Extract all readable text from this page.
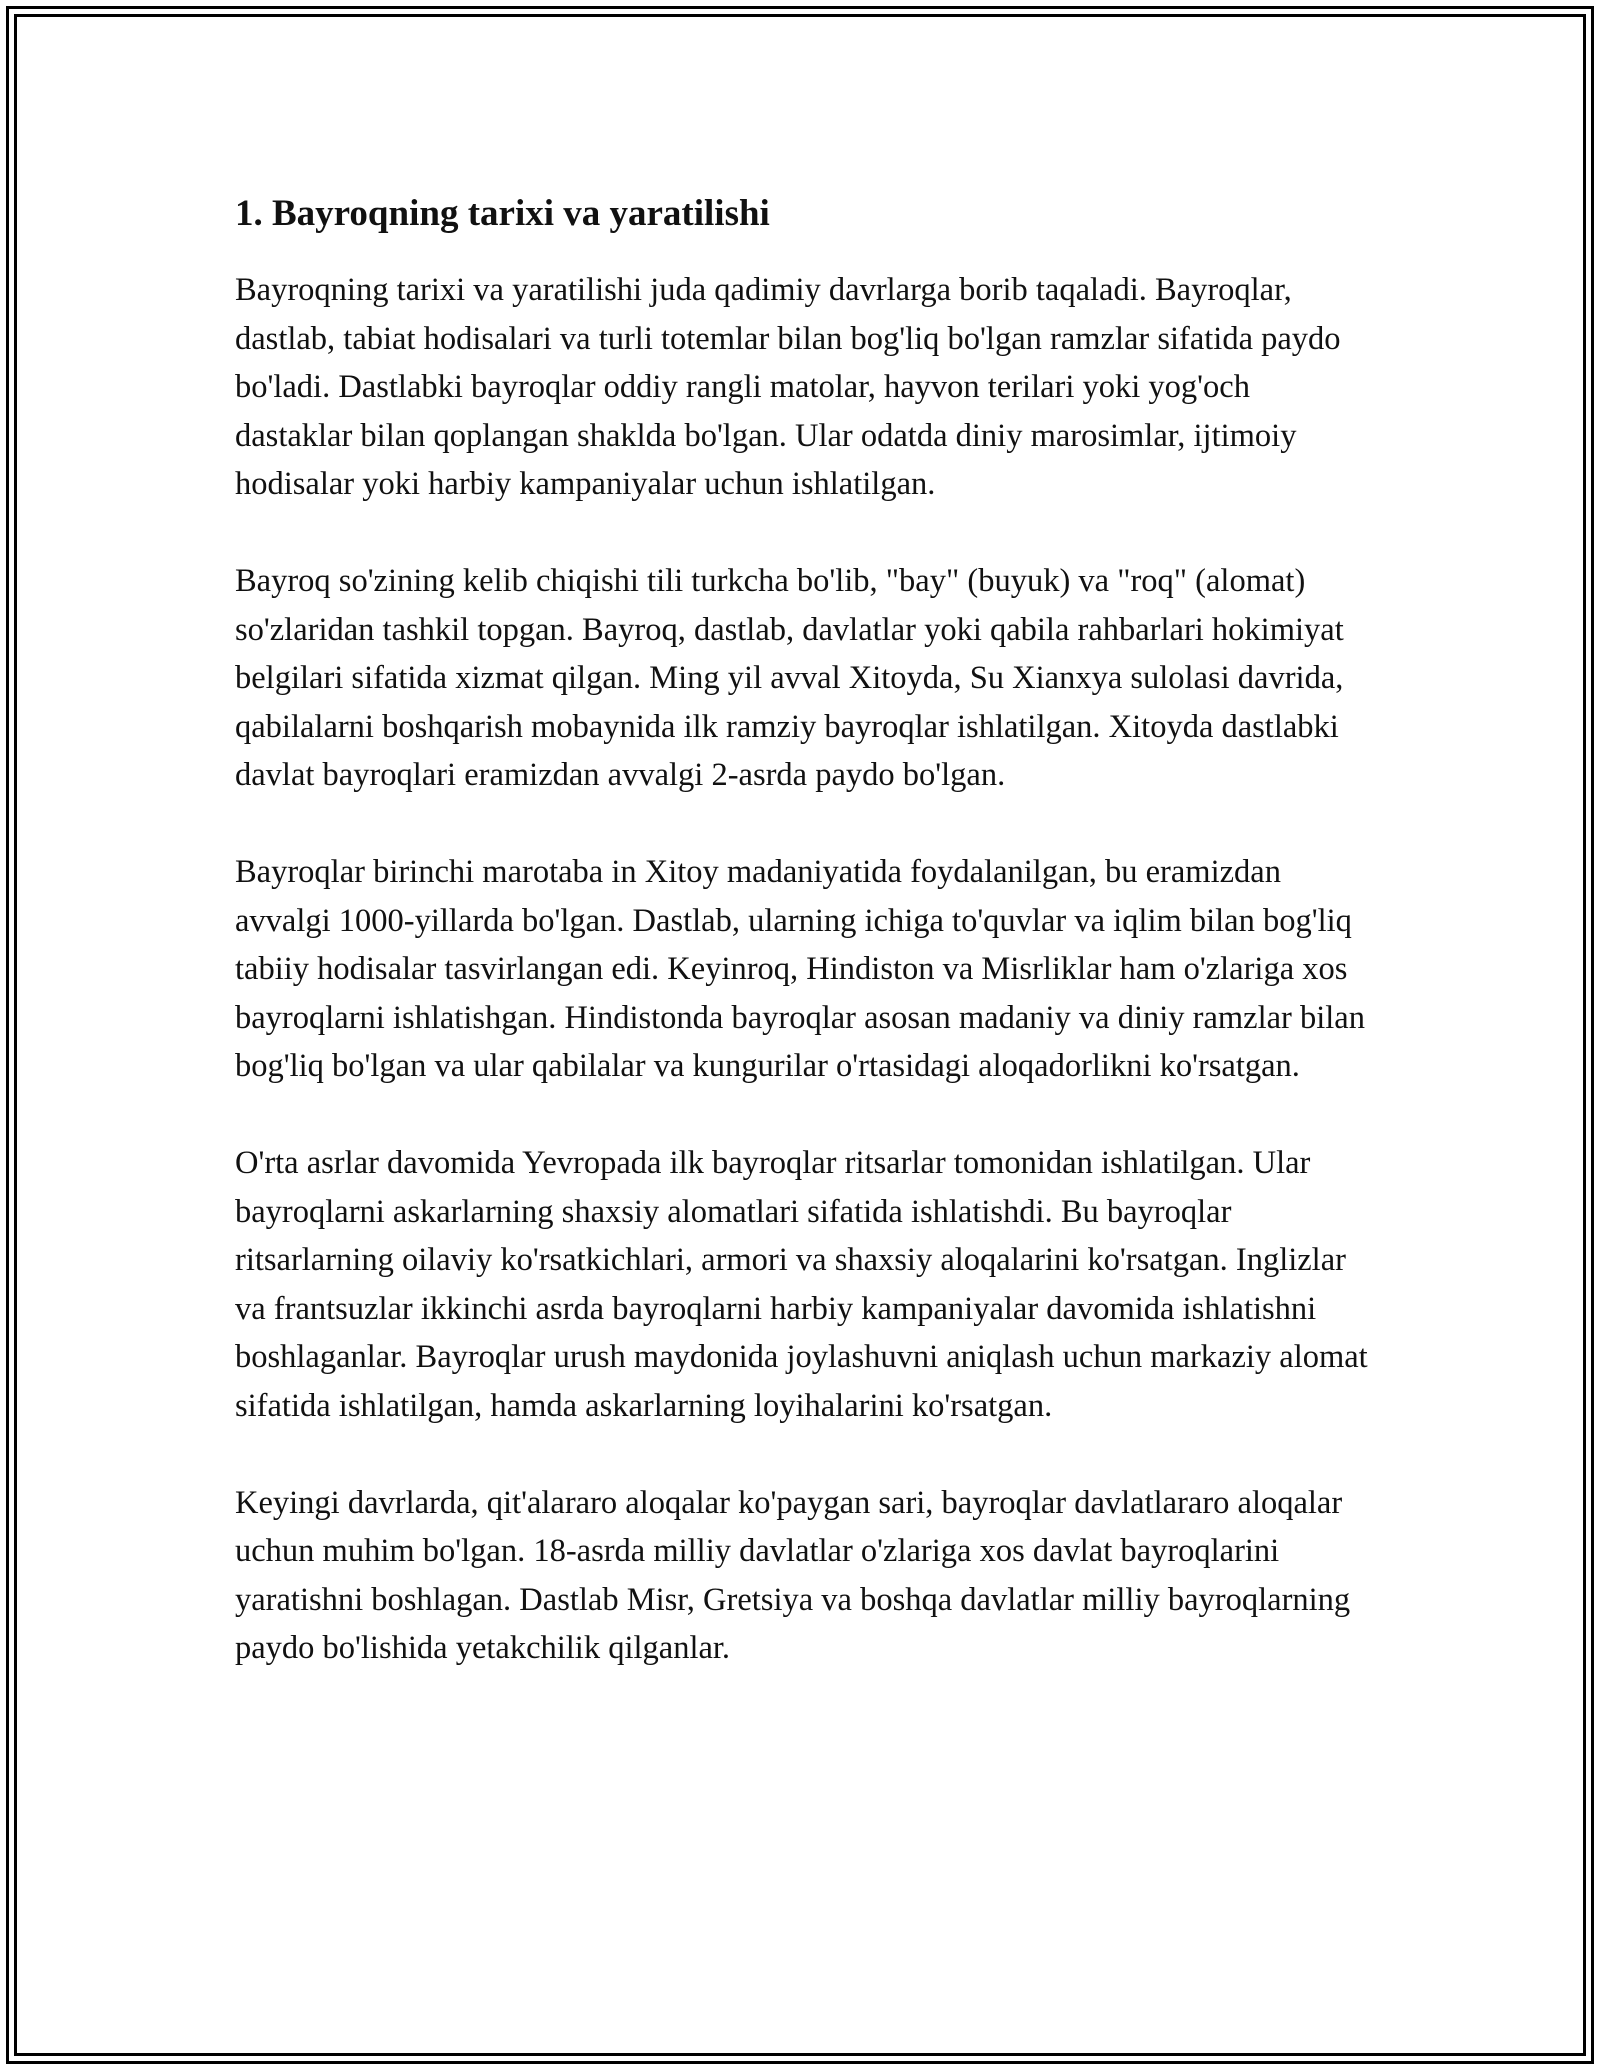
1. Bayroqning tarixi va yaratilishi

Bayroqning tarixi va yaratilishi juda qadimiy davrlarga borib taqaladi. Bayroqlar, dastlab, tabiat hodisalari va turli totemlar bilan bog'liq bo'lgan ramzlar sifatida paydo bo'ladi. Dastlabki bayroqlar oddiy rangli matolar, hayvon terilari yoki yog'och dastaklar bilan qoplangan shaklda bo'lgan. Ular odatda diniy marosimlar, ijtimoiy hodisalar yoki harbiy kampaniyalar uchun ishlatilgan.

Bayroq so'zining kelib chiqishi tili turkcha bo'lib, "bay" (buyuk) va "roq" (alomat) so'zlaridan tashkil topgan. Bayroq, dastlab, davlatlar yoki qabila rahbarlari hokimiyat belgilari sifatida xizmat qilgan. Ming yil avval Xitoyda, Su Xianxya sulolasi davrida, qabilalarni boshqarish mobaynida ilk ramziy bayroqlar ishlatilgan. Xitoyda dastlabki davlat bayroqlari eramizdan avvalgi 2-asrda paydo bo'lgan.

Bayroqlar birinchi marotaba in Xitoy madaniyatida foydalanilgan, bu eramizdan avvalgi 1000-yillarda bo'lgan. Dastlab, ularning ichiga to'quvlar va iqlim bilan bog'liq tabiiy hodisalar tasvirlangan edi. Keyinroq, Hindiston va Misrliklar ham o'zlariga xos bayroqlarni ishlatishgan. Hindistonda bayroqlar asosan madaniy va diniy ramzlar bilan bog'liq bo'lgan va ular qabilalar va kungurilar o'rtasidagi aloqadorlikni ko'rsatgan.

O'rta asrlar davomida Yevropada ilk bayroqlar ritsarlar tomonidan ishlatilgan. Ular bayroqlarni askarlarning shaxsiy alomatlari sifatida ishlatishdi. Bu bayroqlar ritsarlarning oilaviy ko'rsatkichlari, armori va shaxsiy aloqalarini ko'rsatgan. Inglizlar va frantsuzlar ikkinchi asrda bayroqlarni harbiy kampaniyalar davomida ishlatishni boshlaganlar. Bayroqlar urush maydonida joylashuvni aniqlash uchun markaziy alomat sifatida ishlatilgan, hamda askarlarning loyihalarini ko'rsatgan.

Keyingi davrlarda, qit'alararo aloqalar ko'paygan sari, bayroqlar davlatlararo aloqalar uchun muhim bo'lgan. 18-asrda milliy davlatlar o'zlariga xos davlat bayroqlarini yaratishni boshlagan. Dastlab Misr, Gretsiya va boshqa davlatlar milliy bayroqlarning paydo bo'lishida yetakchilik qilganlar.
